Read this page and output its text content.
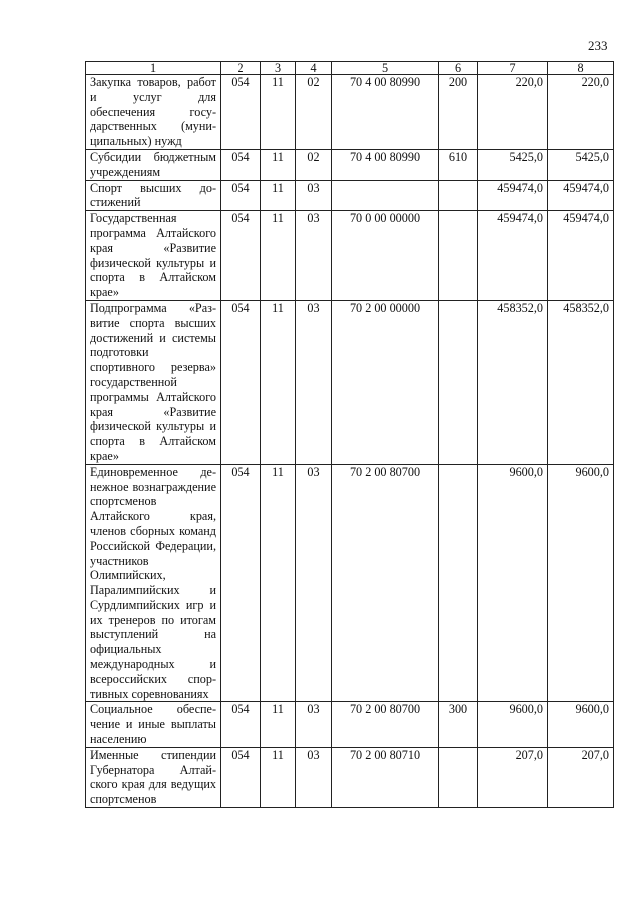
233
1	2	3	4	5	6	7	8
Закупка товаров, работ и услуг для обеспечения государственных (муниципальных) нужд	054	11	02	70 4 00 80990	200	220,0	220,0
Субсидии бюджетным учреждениям	054	11	02	70 4 00 80990	610	5425,0	5425,0
Спорт высших достижений	054	11	03			459474,0	459474,0
Государственная программа Алтайского края «Развитие физической культуры и спорта в Алтайском крае»	054	11	03	70 0 00 00000		459474,0	459474,0
Подпрограмма «Развитие спорта высших достижений и системы подготовки спортивного резерва» государственной программы Алтайского края «Развитие физической культуры и спорта в Алтайском крае»	054	11	03	70 2 00 00000		458352,0	458352,0
Единовременное денежное вознаграждение спортсменов Алтайского края, членов сборных команд Российской Федерации, участников Олимпийских, Паралимпийских и Сурдлимпийских игр и их тренеров по итогам выступлений на официальных международных и всероссийских спортивных соревнованиях	054	11	03	70 2 00 80700		9600,0	9600,0
Социальное обеспечение и иные выплаты населению	054	11	03	70 2 00 80700	300	9600,0	9600,0
Именные стипендии Губернатора Алтайского края для ведущих спортсменов	054	11	03	70 2 00 80710		207,0	207,0
